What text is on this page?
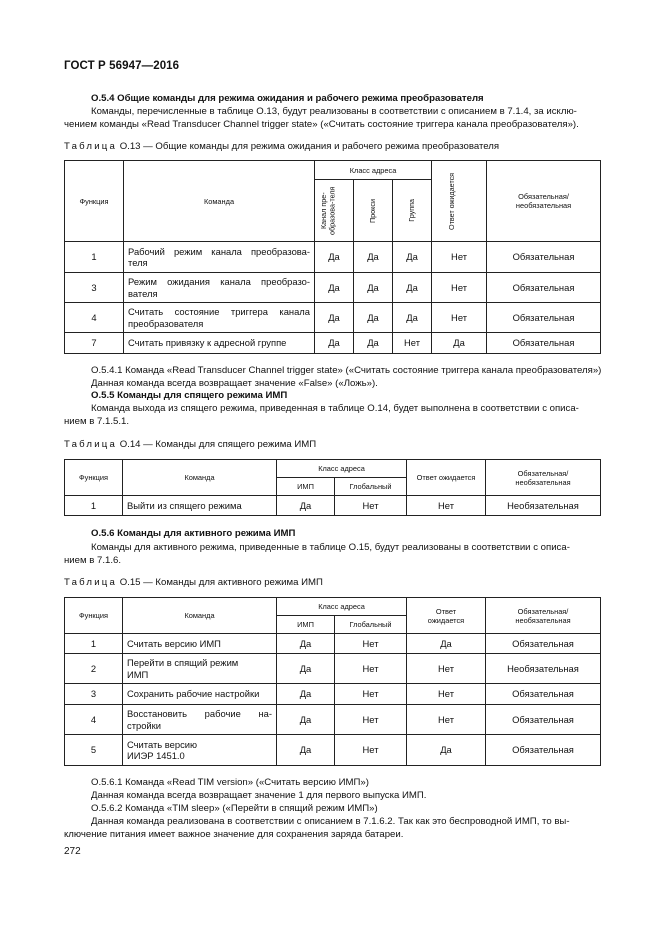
ГОСТ Р 56947—2016
О.5.4 Общие команды для режима ожидания и рабочего режима преобразователя
Команды, перечисленные в таблице О.13, будут реализованы в соответствии с описанием в 7.1.4, за исклю-
чением команды «Read Transducer Channel trigger state» («Считать состояние триггера канала преобразователя»).
Таблица О.13 — Общие команды для режима ожидания и рабочего режима преобразователя
Функция	Команда	Класс адреса			Ответ ожидается	Обязательная/ необязательная

		Канал пре-образова-теля	Прокси	Группа		

1	Рабочий режим канала преобразова-теля	Да	Да	Да	Нет	Обязательная
3	Режим ожидания канала преобразо-вателя	Да	Да	Да	Нет	Обязательная
4	Считать состояние триггера канала преобразователя	Да	Да	Да	Нет	Обязательная
7	Считать привязку к адресной группе	Да	Да	Нет	Да	Обязательная
О.5.4.1 Команда «Read Transducer Channel trigger state» («Считать состояние триггера канала преобразователя»)
Данная команда всегда возвращает значение «False» («Ложь»).
О.5.5 Команды для спящего режима ИМП
Команда выхода из спящего режима, приведенная в таблице О.14, будет выполнена в соответствии с описа-
нием в 7.1.5.1.
Таблица О.14 — Команды для спящего режима ИМП
Функция	Команда	Класс адреса		Ответ ожидается	Обязательная/ необязательная
		ИМП	Глобальный		
1	Выйти из спящего режима	Да	Нет	Нет	Необязательная
О.5.6 Команды для активного режима ИМП
Команды для активного режима, приведенные в таблице О.15, будут реализованы в соответствии с описа-
нием в 7.1.6.
Таблица О.15 — Команды для активного режима ИМП
Функция	Команда	Класс адреса		Ответ ожидается	Обязательная/ необязательная
		ИМП	Глобальный		
1	Считать версию ИМП	Да	Нет	Да	Обязательная
2	Перейти в спящий режим ИМП	Да	Нет	Нет	Необязательная
3	Сохранить рабочие настройки	Да	Нет	Нет	Обязательная
4	Восстановить рабочие на-стройки	Да	Нет	Нет	Обязательная
5	Считать версию ИИЭР 1451.0	Да	Нет	Да	Обязательная
О.5.6.1 Команда «Read TIM version» («Считать версию ИМП»)
Данная команда всегда возвращает значение 1 для первого выпуска ИМП.
О.5.6.2 Команда «TIM sleep» («Перейти в спящий режим ИМП»)
Данная команда реализована в соответствии с описанием в 7.1.6.2. Так как это беспроводной ИМП, то вы-
ключение питания имеет важное значение для сохранения заряда батареи.
272
